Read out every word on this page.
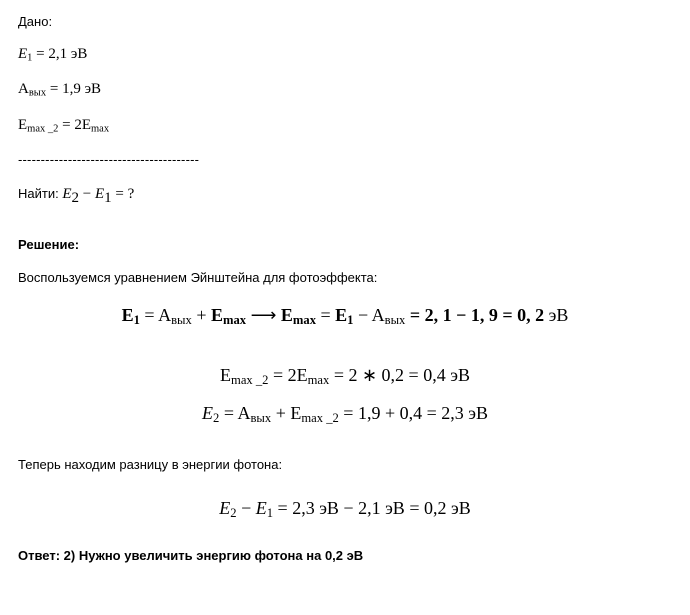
Дано:
$E_1 = 2,1$ эВ
$A_{вых} = 1,9$ эВ
$E_{max \_2} = 2E_{max}$
----------------------------------------
Найти: $E_2 - E_1$ = ?
Решение:
Воспользуемся уравнением Эйнштейна для фотоэффекта:
$E_1 = A_{вых} + E_{max}$ ⟶ $E_{max} = E_1 - A_{вых} = 2$, 1 − 1, 9 = 0, 2 эВ
$E_{max \_2} = 2E_{max} = 2$ ∗ 0,2 = 0,4 эВ
$E_2 = A_{вых} + E_{max \_2} = 1,9 + 0,4 = 2,3$ эВ
Теперь находим разницу в энергии фотона:
$E_2 - E_1 = 2,3$ эВ − 2,1 эВ = 0,2 эВ
Ответ: 2) Нужно увеличить энергию фотона на 0,2 эВ
